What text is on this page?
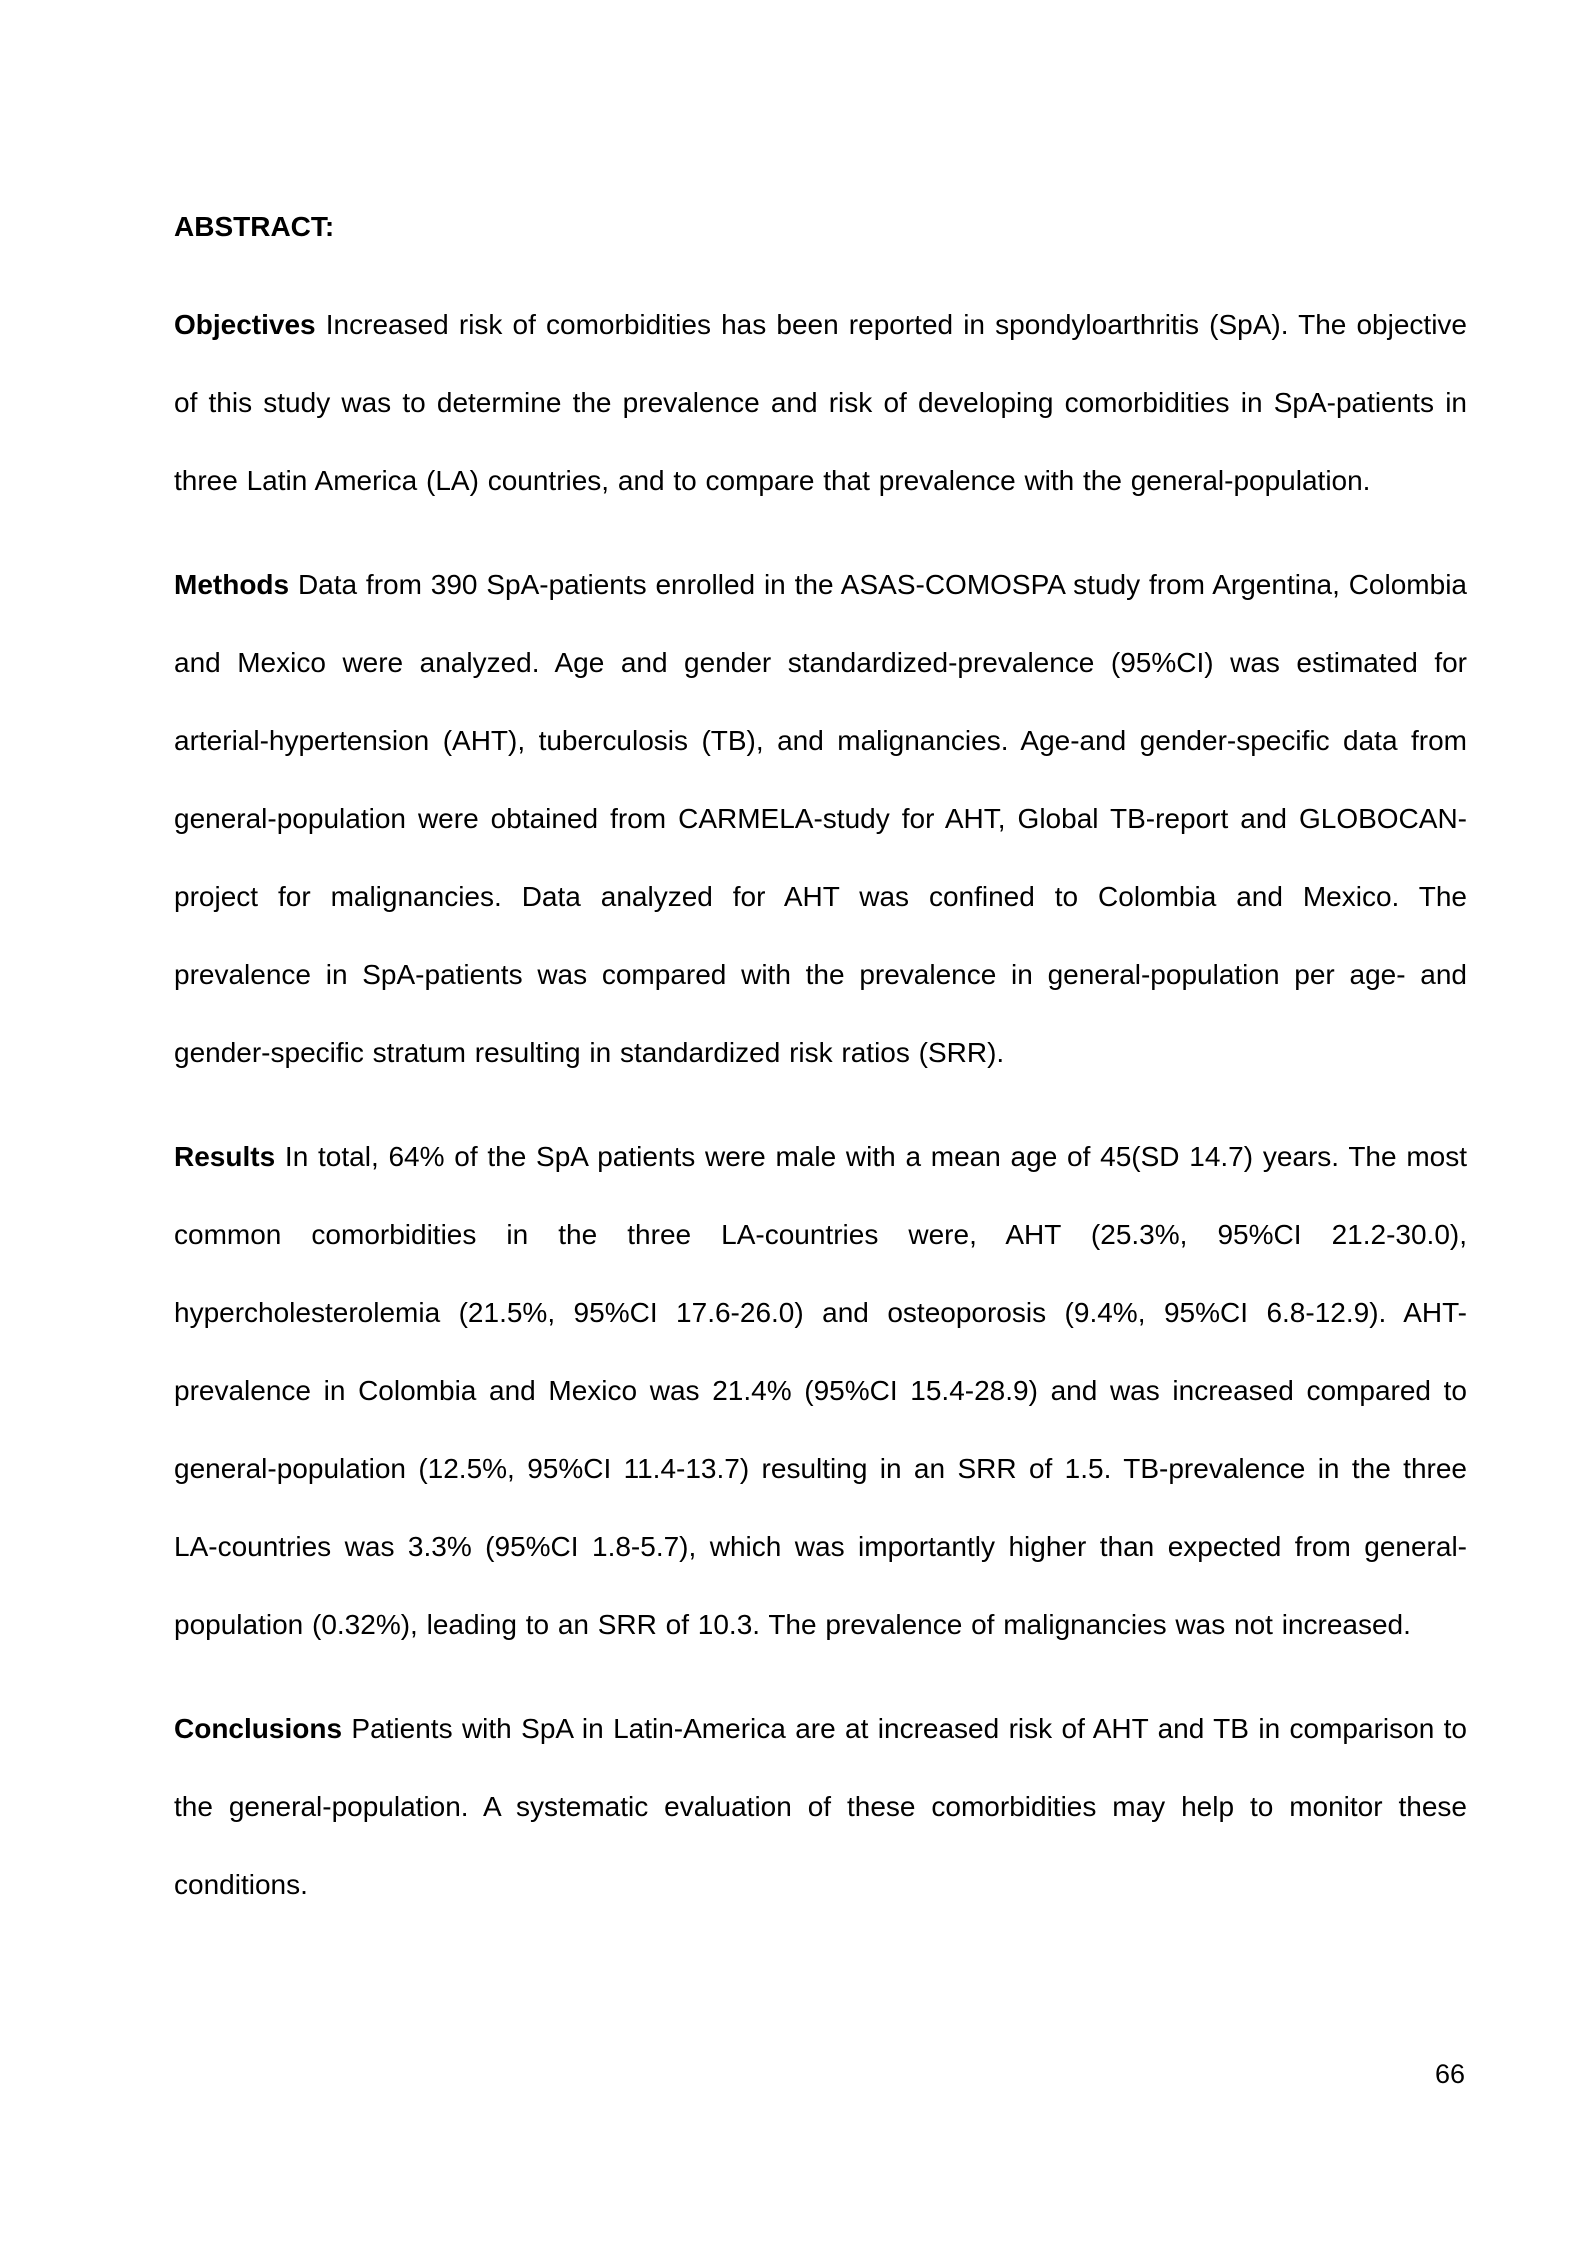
ABSTRACT:

Objectives Increased risk of comorbidities has been reported in spondyloarthritis (SpA). The objective of this study was to determine the prevalence and risk of developing comorbidities in SpA-patients in three Latin America (LA) countries, and to compare that prevalence with the general-population.

Methods Data from 390 SpA-patients enrolled in the ASAS-COMOSPA study from Argentina, Colombia and Mexico were analyzed. Age and gender standardized-prevalence (95%CI) was estimated for arterial-hypertension (AHT), tuberculosis (TB), and malignancies. Age-and gender-specific data from general-population were obtained from CARMELA-study for AHT, Global TB-report and GLOBOCAN-project for malignancies. Data analyzed for AHT was confined to Colombia and Mexico. The prevalence in SpA-patients was compared with the prevalence in general-population per age- and gender-specific stratum resulting in standardized risk ratios (SRR).

Results In total, 64% of the SpA patients were male with a mean age of 45(SD 14.7) years. The most common comorbidities in the three LA-countries were, AHT (25.3%, 95%CI 21.2-30.0), hypercholesterolemia (21.5%, 95%CI 17.6-26.0) and osteoporosis (9.4%, 95%CI 6.8-12.9). AHT-prevalence in Colombia and Mexico was 21.4% (95%CI 15.4-28.9) and was increased compared to general-population (12.5%, 95%CI 11.4-13.7) resulting in an SRR of 1.5. TB-prevalence in the three LA-countries was 3.3% (95%CI 1.8-5.7), which was importantly higher than expected from general-population (0.32%), leading to an SRR of 10.3. The prevalence of malignancies was not increased.

Conclusions Patients with SpA in Latin-America are at increased risk of AHT and TB in comparison to the general-population. A systematic evaluation of these comorbidities may help to monitor these conditions.

66
